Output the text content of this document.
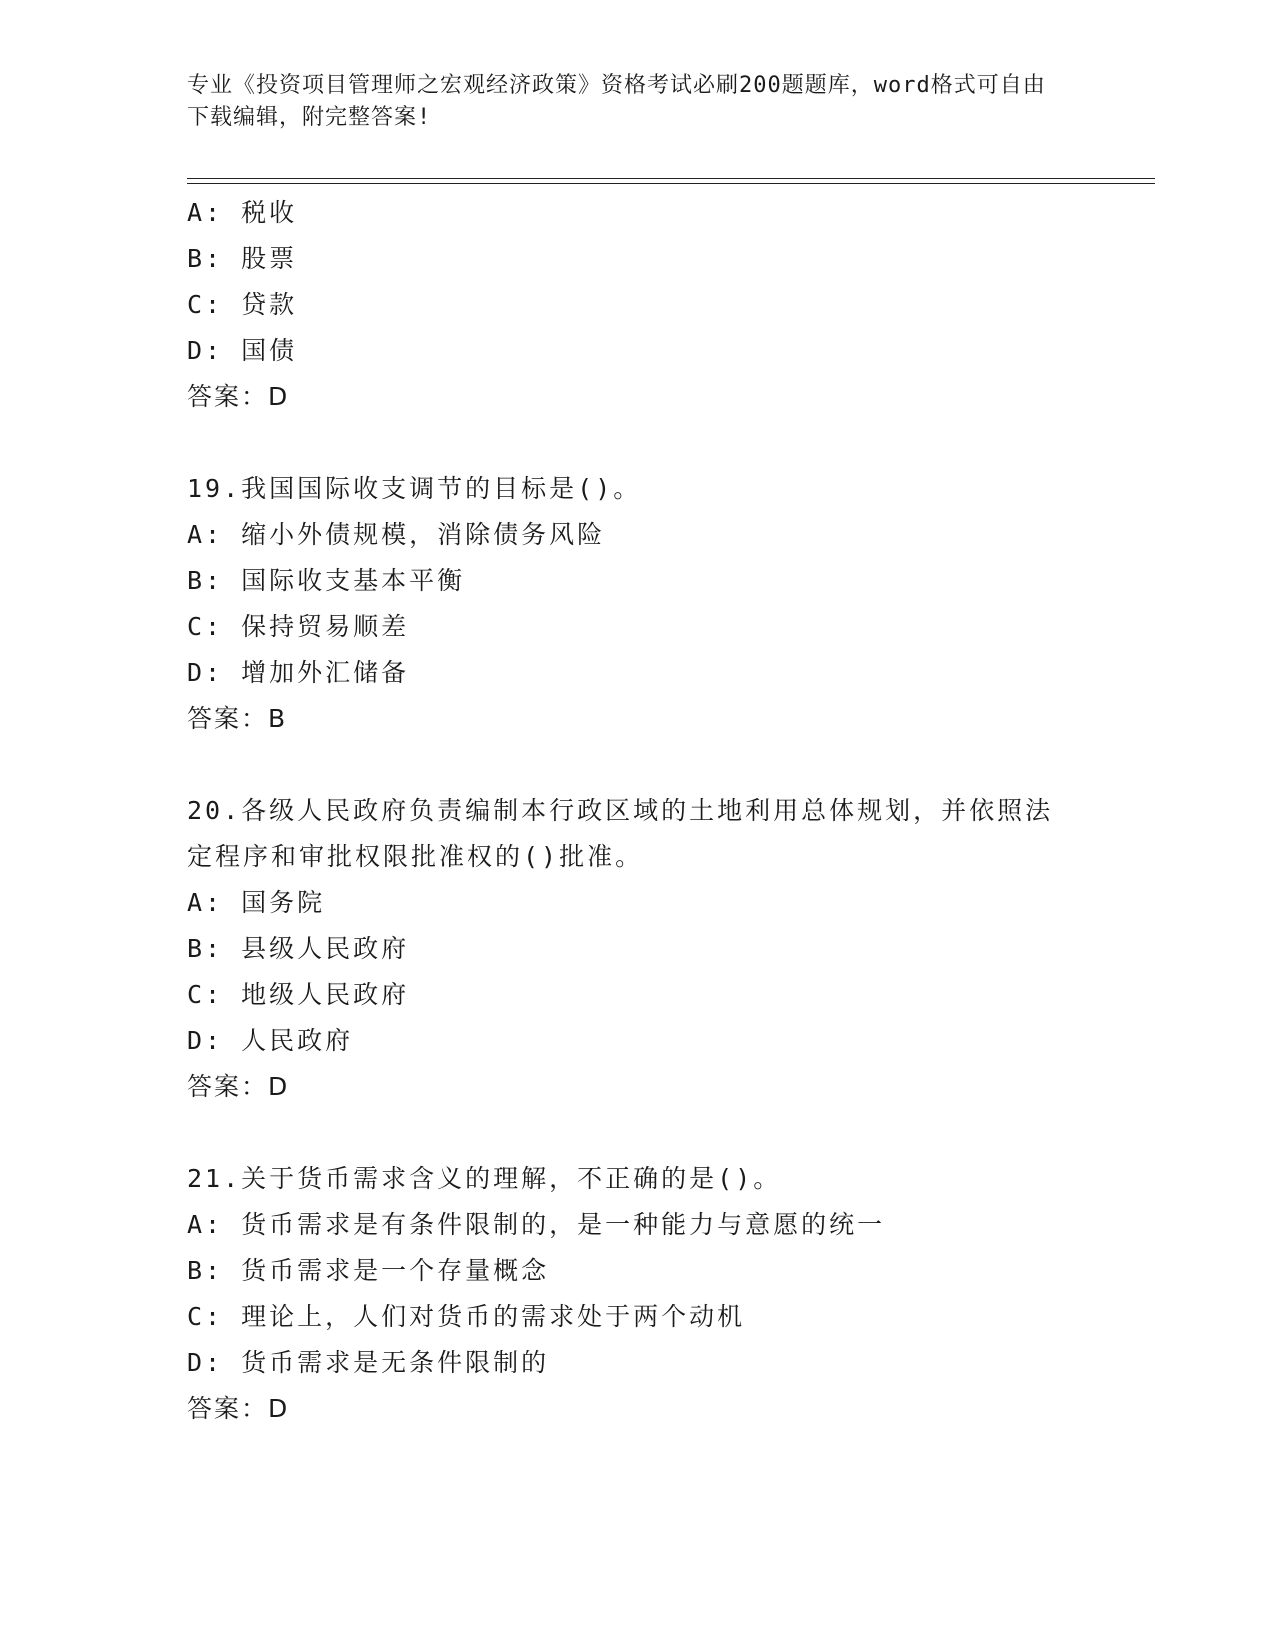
专业《投资项目管理师之宏观经济政策》资格考试必刷200题题库，word格式可自由下载编辑，附完整答案!
A: 税收
B: 股票
C: 贷款
D: 国债
答案：D
19.我国国际收支调节的目标是()。
A: 缩小外债规模，消除债务风险
B: 国际收支基本平衡
C: 保持贸易顺差
D: 增加外汇储备
答案：B
20.各级人民政府负责编制本行政区域的土地利用总体规划，并依照法定程序和审批权限批准权的()批准。
A: 国务院
B: 县级人民政府
C: 地级人民政府
D: 人民政府
答案：D
21.关于货币需求含义的理解，不正确的是()。
A: 货币需求是有条件限制的，是一种能力与意愿的统一
B: 货币需求是一个存量概念
C: 理论上，人们对货币的需求处于两个动机
D: 货币需求是无条件限制的
答案：D
